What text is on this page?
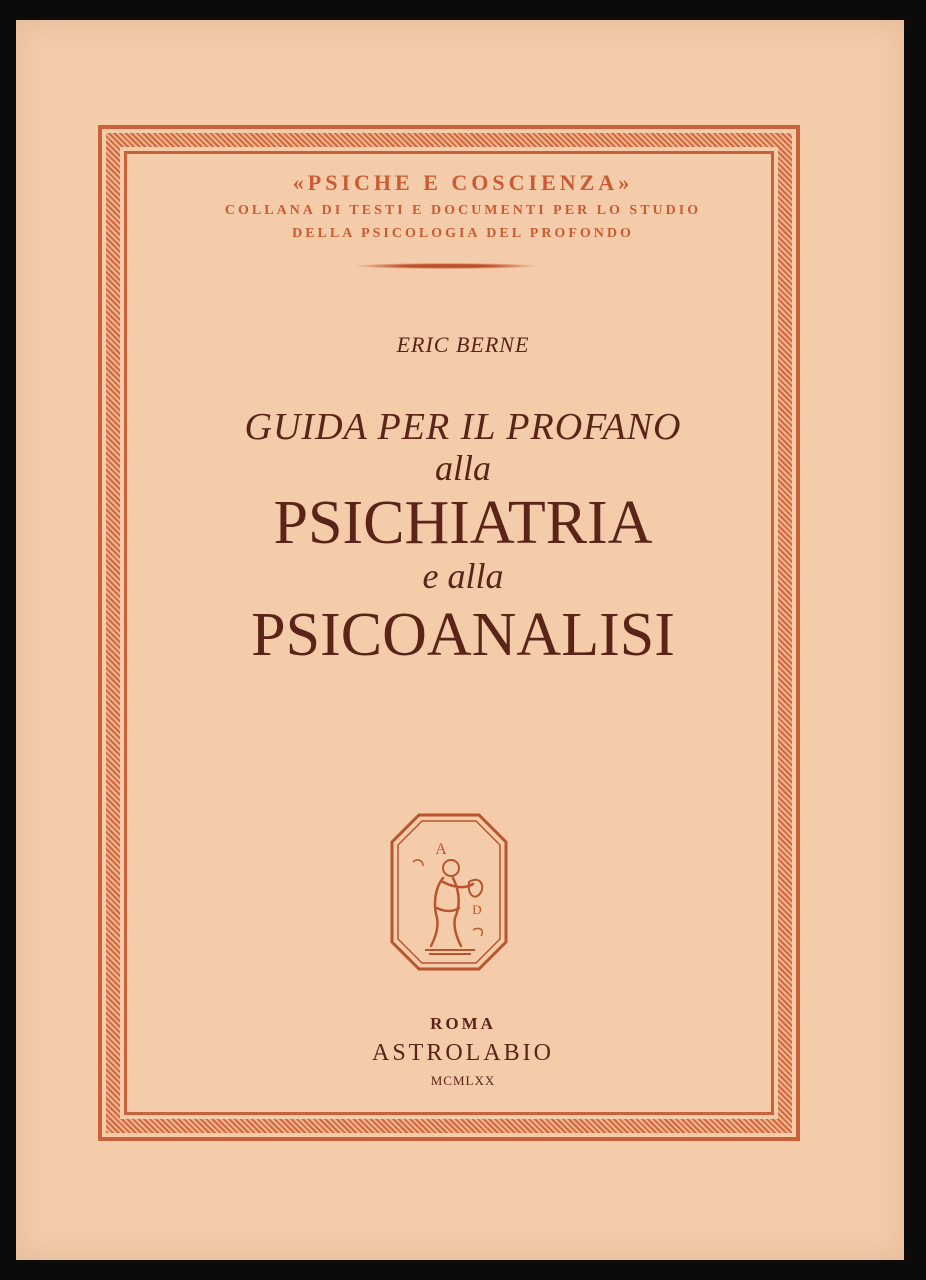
«PSICHE E COSCIENZA»
COLLANA DI TESTI E DOCUMENTI PER LO STUDIO
DELLA PSICOLOGIA DEL PROFONDO
ERIC BERNE
GUIDA PER IL PROFANO
alla
PSICHIATRIA
e alla
PSICOANALISI
A
D
ROMA
ASTROLABIO
MCMLXX
